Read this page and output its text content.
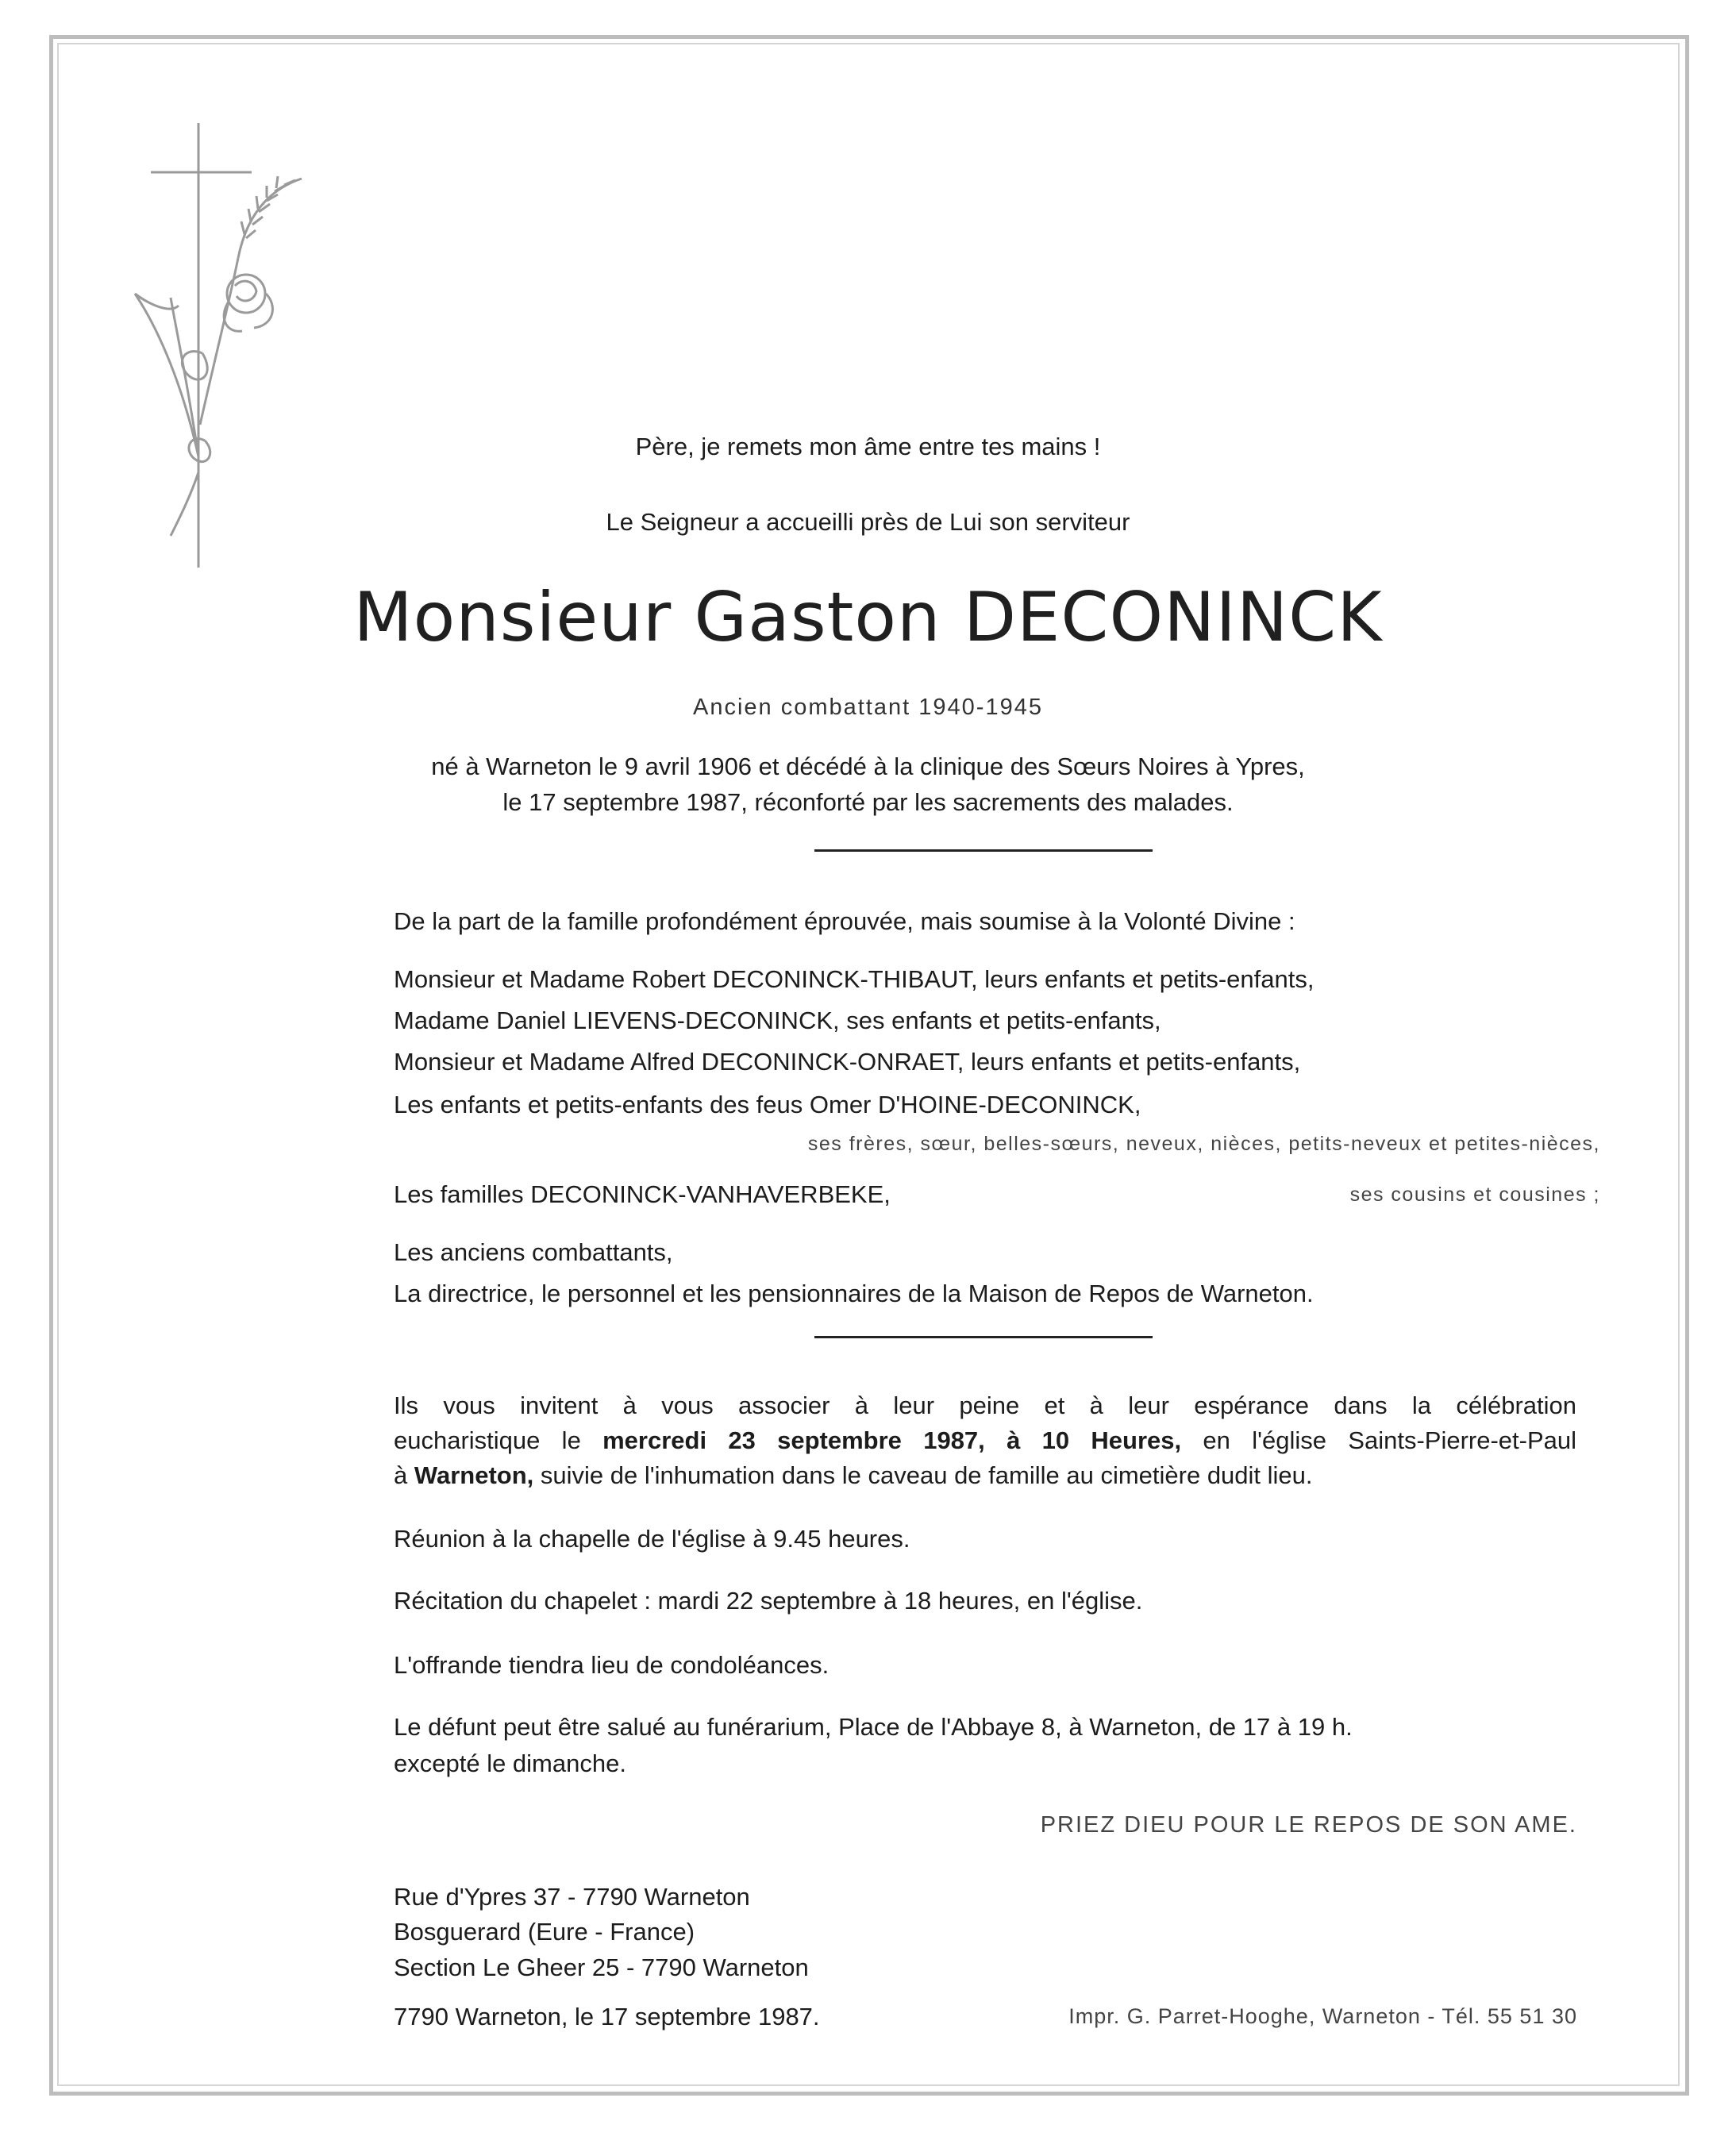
Père, je remets mon âme entre tes mains !
Le Seigneur a accueilli près de Lui son serviteur
Monsieur Gaston DECONINCK
Ancien combattant 1940-1945
né à Warneton le 9 avril 1906 et décédé à la clinique des Sœurs Noires à Ypres,
le 17 septembre 1987, réconforté par les sacrements des malades.
De la part de la famille profondément éprouvée, mais soumise à la Volonté Divine :
Monsieur et Madame Robert DECONINCK-THIBAUT, leurs enfants et petits-enfants,
Madame Daniel LIEVENS-DECONINCK, ses enfants et petits-enfants,
Monsieur et Madame Alfred DECONINCK-ONRAET, leurs enfants et petits-enfants,
Les enfants et petits-enfants des feus Omer D'HOINE-DECONINCK,
ses frères, sœur, belles-sœurs, neveux, nièces, petits-neveux et petites-nièces,
Les familles DECONINCK-VANHAVERBEKE,	ses cousins et cousines ;
Les anciens combattants,
La directrice, le personnel et les pensionnaires de la Maison de Repos de Warneton.
Ils vous invitent à vous associer à leur peine et à leur espérance dans la célébration
eucharistique le mercredi 23 septembre 1987, à 10 Heures, en l'église Saints-Pierre-et-Paul
à Warneton, suivie de l'inhumation dans le caveau de famille au cimetière dudit lieu.
Réunion à la chapelle de l'église à 9.45 heures.
Récitation du chapelet : mardi 22 septembre à 18 heures, en l'église.
L'offrande tiendra lieu de condoléances.
Le défunt peut être salué au funérarium, Place de l'Abbaye 8, à Warneton, de 17 à 19 h.
excepté le dimanche.
PRIEZ DIEU POUR LE REPOS DE SON AME.
Rue d'Ypres 37 - 7790 Warneton
Bosguerard (Eure - France)
Section Le Gheer 25 - 7790 Warneton
7790 Warneton, le 17 septembre 1987.	Impr. G. Parret-Hooghe, Warneton - Tél. 55 51 30
